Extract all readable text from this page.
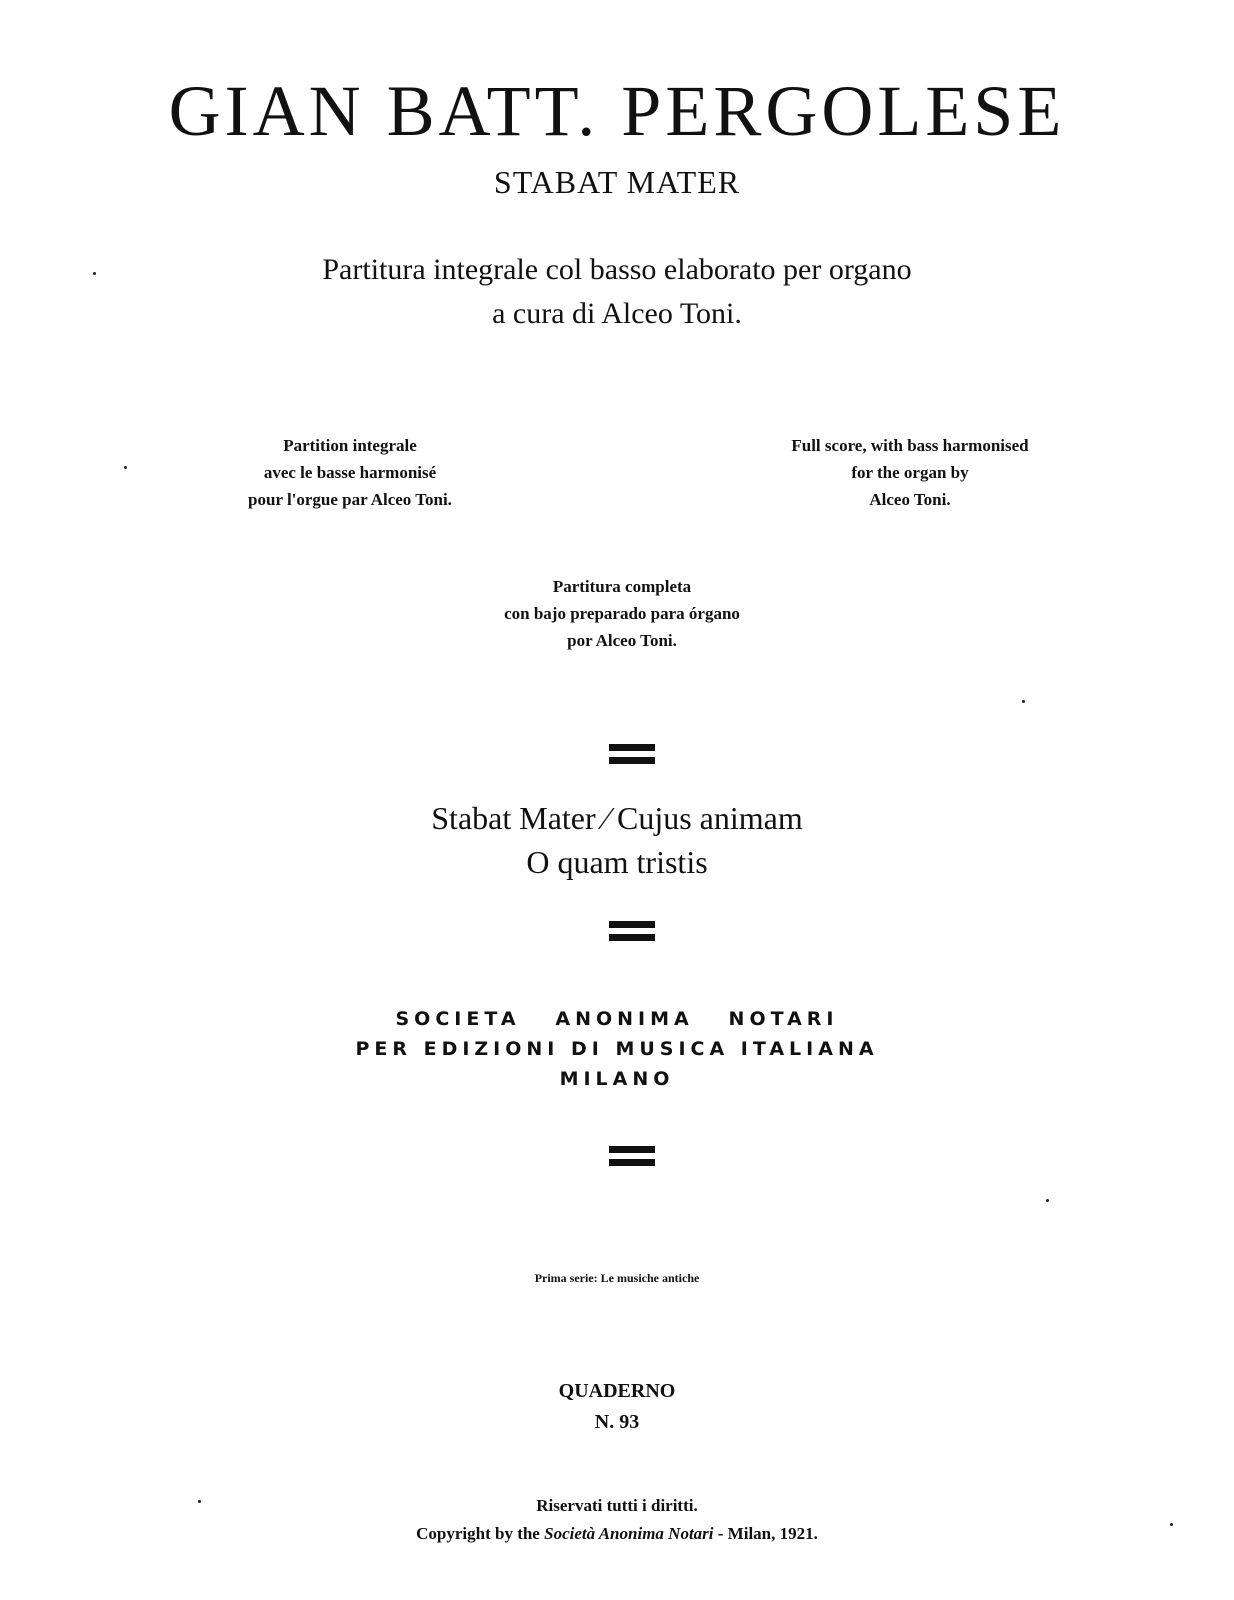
GIAN BATT. PERGOLESE
STABAT MATER
Partitura integrale col basso elaborato per organo
a cura di Alceo Toni.
Partition integrale
avec le basse harmonisé
pour l'orgue par Alceo Toni.
Full score, with bass harmonised
for the organ by
Alceo Toni.
Partitura completa
con bajo preparado para órgano
por Alceo Toni.
Stabat Mater ⁄ Cujus animam
O quam tristis
SOCIETA   ANONIMA   NOTARI
PER EDIZIONI DI MUSICA ITALIANA
MILANO
Prima serie: Le musiche antiche
QUADERNO
N. 93
Riservati tutti i diritti.
Copyright by the Società Anonima Notari - Milan, 1921.
